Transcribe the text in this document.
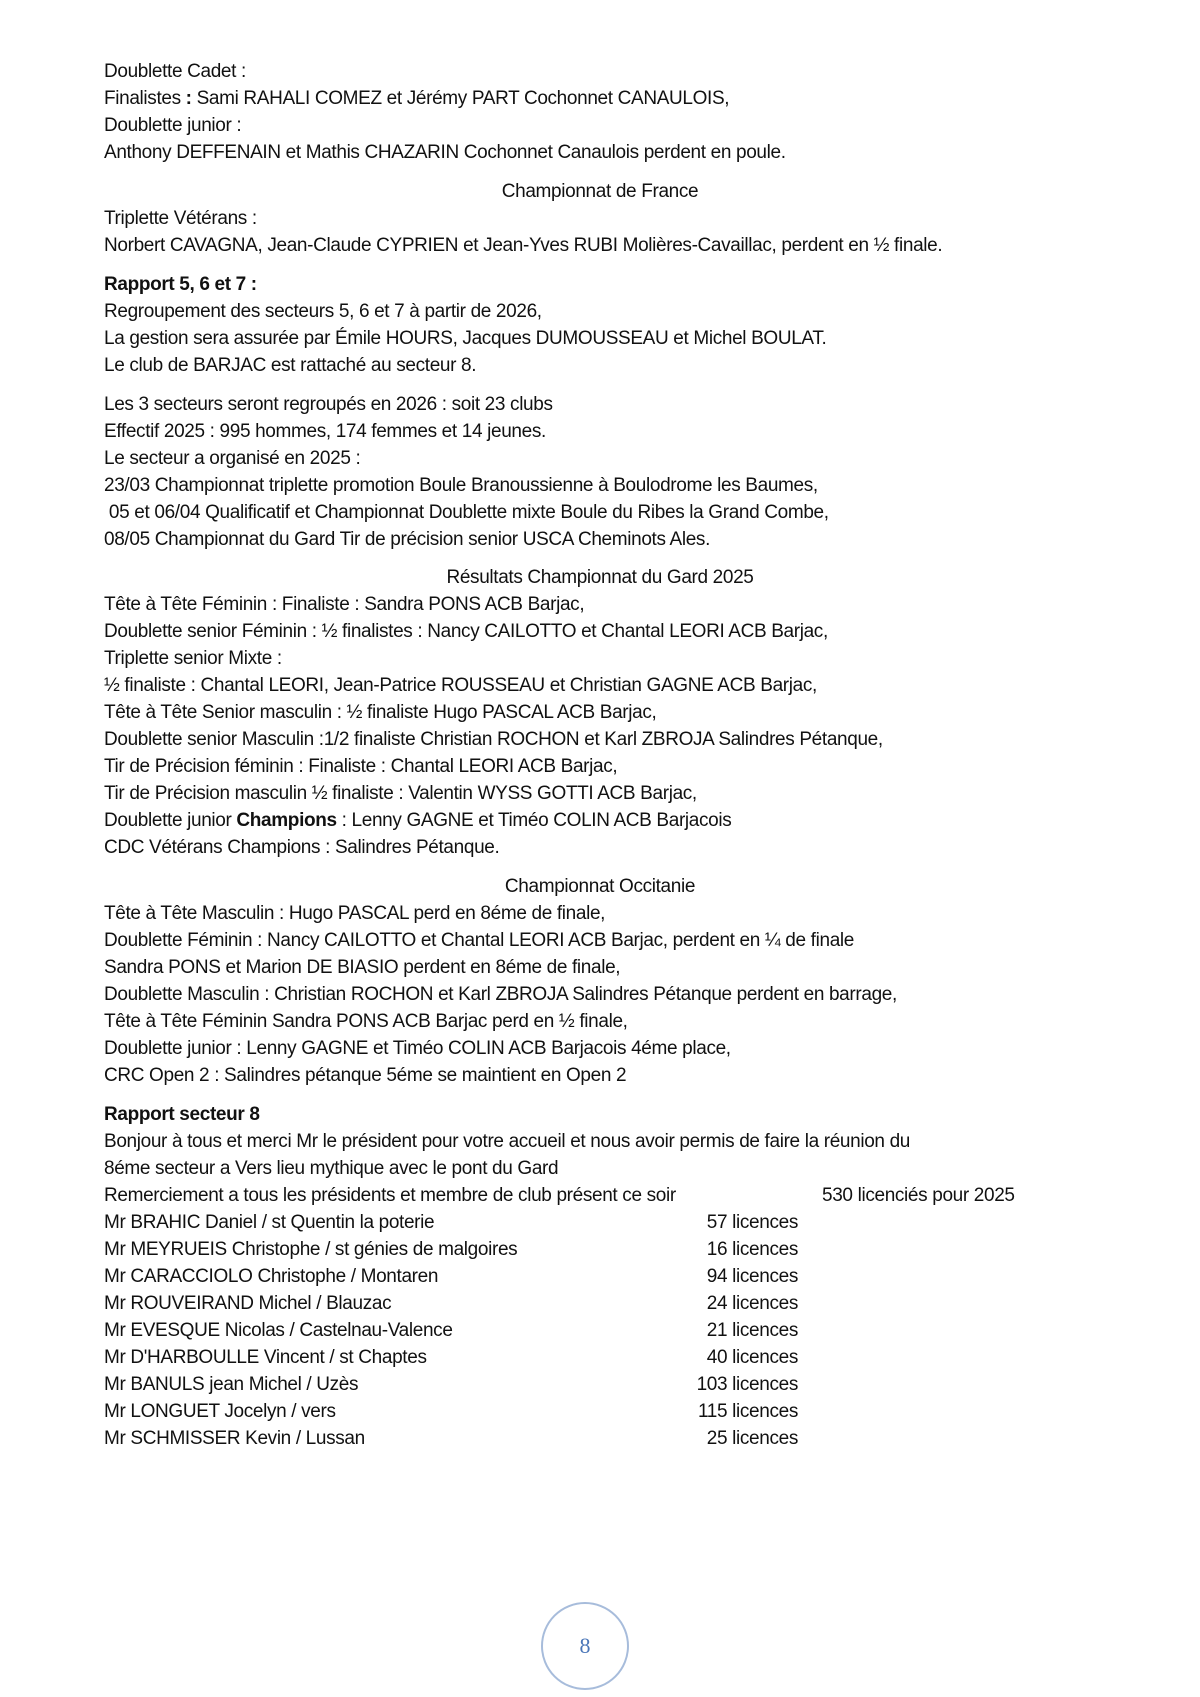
Doublette Cadet :
Finalistes : Sami RAHALI COMEZ et Jérémy PART Cochonnet CANAULOIS,
Doublette junior :
Anthony DEFFENAIN et Mathis CHAZARIN Cochonnet Canaulois perdent en poule.
Championnat de France
Triplette Vétérans :
Norbert CAVAGNA, Jean-Claude CYPRIEN et Jean-Yves RUBI Molières-Cavaillac, perdent en ½ finale.
Rapport 5, 6 et 7 :
Regroupement des secteurs 5, 6 et 7 à partir de 2026,
La gestion sera assurée par Émile HOURS, Jacques DUMOUSSEAU et Michel BOULAT.
Le club de BARJAC est rattaché au secteur 8.
Les 3 secteurs seront regroupés en 2026 : soit 23 clubs
Effectif 2025 : 995 hommes, 174 femmes et 14 jeunes.
Le secteur a organisé en 2025 :
23/03 Championnat triplette promotion Boule Branoussienne à Boulodrome les Baumes,
05 et 06/04 Qualificatif et Championnat Doublette mixte Boule du Ribes la Grand Combe,
08/05 Championnat du Gard Tir de précision senior USCA Cheminots Ales.
Résultats Championnat du Gard 2025
Tête à Tête Féminin : Finaliste : Sandra PONS ACB Barjac,
Doublette senior Féminin : ½ finalistes : Nancy CAILOTTO et Chantal LEORI ACB Barjac,
Triplette senior Mixte :
½ finaliste : Chantal LEORI, Jean-Patrice ROUSSEAU et Christian GAGNE ACB Barjac,
Tête à Tête Senior masculin : ½ finaliste Hugo PASCAL ACB Barjac,
Doublette senior Masculin :1/2 finaliste Christian ROCHON et Karl ZBROJA Salindres Pétanque,
Tir de Précision féminin : Finaliste : Chantal LEORI ACB Barjac,
Tir de Précision masculin ½ finaliste : Valentin WYSS GOTTI ACB Barjac,
Doublette junior Champions : Lenny GAGNE et Timéo COLIN ACB Barjacois
CDC Vétérans Champions : Salindres Pétanque.
Championnat Occitanie
Tête à Tête Masculin : Hugo PASCAL perd en 8éme de finale,
Doublette Féminin : Nancy CAILOTTO et Chantal LEORI ACB Barjac, perdent en ¼ de finale
Sandra PONS et Marion DE BIASIO perdent en 8éme de finale,
Doublette Masculin : Christian ROCHON et Karl ZBROJA Salindres Pétanque perdent en barrage,
Tête à Tête Féminin Sandra PONS ACB Barjac perd en ½ finale,
Doublette junior : Lenny GAGNE et Timéo COLIN ACB Barjacois 4éme place,
CRC Open 2 : Salindres pétanque 5éme se maintient en Open 2
Rapport secteur 8
Bonjour à tous et merci Mr le président pour votre accueil et nous avoir permis de faire la réunion du
8éme secteur a Vers lieu mythique avec le pont du Gard
Remerciement a tous les présidents et membre de club présent ce soir	530 licenciés pour 2025
Mr BRAHIC Daniel / st Quentin la poterie	57 licences
Mr MEYRUEIS Christophe / st génies de malgoires	16 licences
Mr CARACCIOLO Christophe / Montaren	94 licences
Mr ROUVEIRAND Michel / Blauzac	24 licences
Mr EVESQUE Nicolas / Castelnau-Valence	21 licences
Mr D'HARBOULLE Vincent / st Chaptes	40 licences
Mr BANULS jean Michel / Uzès	103 licences
Mr LONGUET Jocelyn / vers	115 licences
Mr SCHMISSER Kevin / Lussan	25 licences
8
